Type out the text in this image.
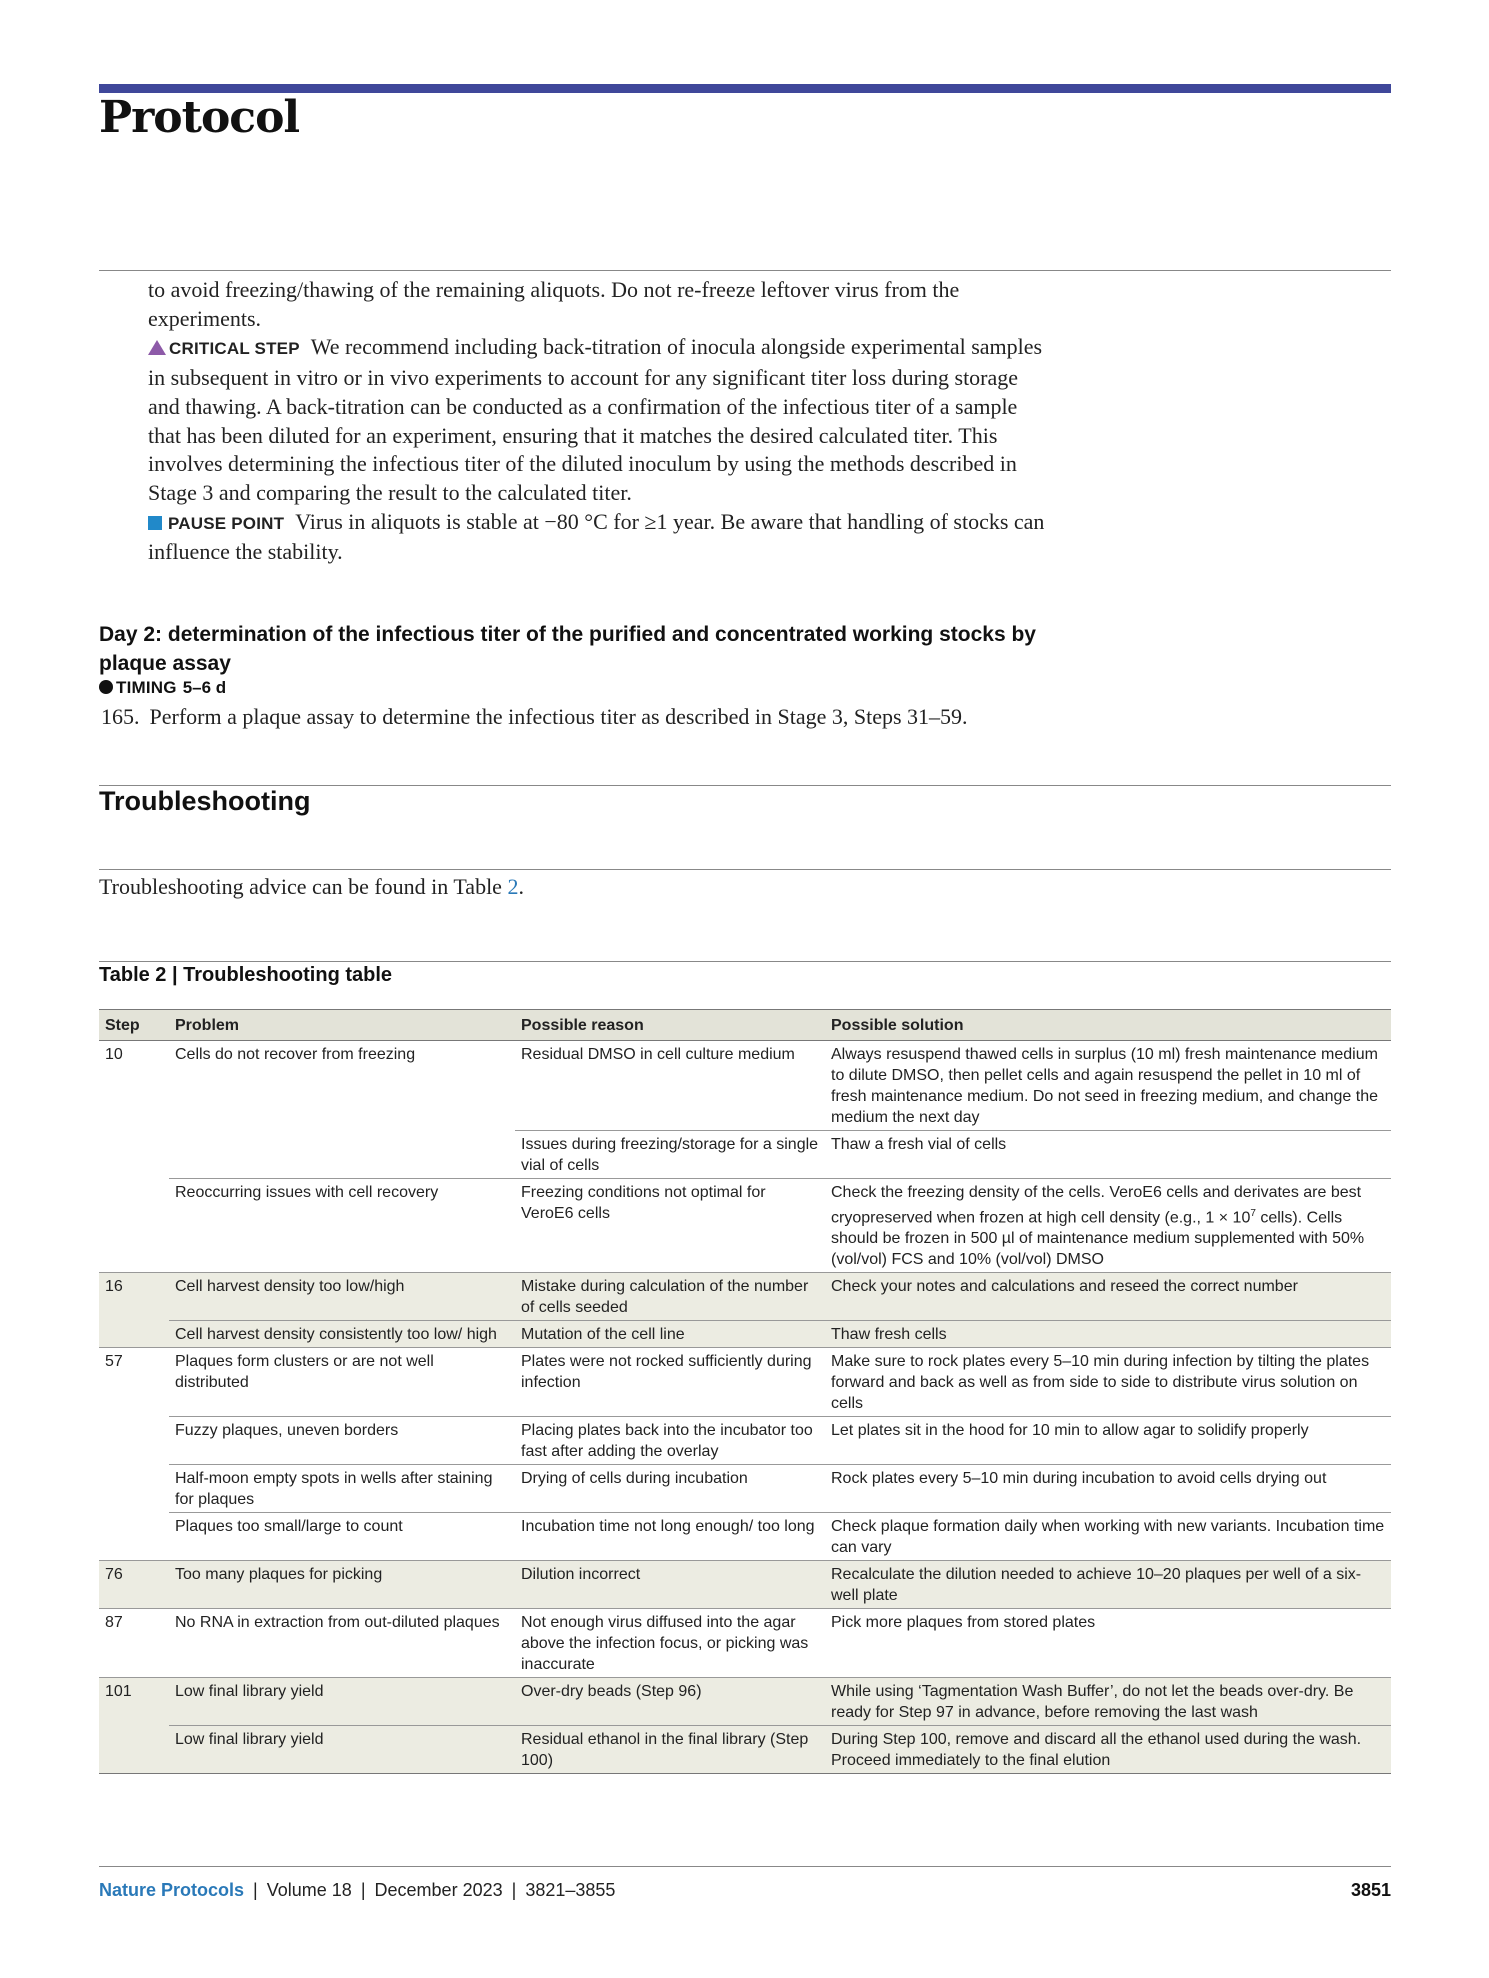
Protocol

to avoid freezing/thawing of the remaining aliquots. Do not re-freeze leftover virus from the experiments.

CRITICAL STEP We recommend including back-titration of inocula alongside experimental samples in subsequent in vitro or in vivo experiments to account for any significant titer loss during storage and thawing. A back-titration can be conducted as a confirmation of the infectious titer of a sample that has been diluted for an experiment, ensuring that it matches the desired calculated titer. This involves determining the infectious titer of the diluted inoculum by using the methods described in Stage 3 and comparing the result to the calculated titer.

PAUSE POINT Virus in aliquots is stable at −80 °C for ≥1 year. Be aware that handling of stocks can influence the stability.

Day 2: determination of the infectious titer of the purified and concentrated working stocks by plaque assay
TIMING 5–6 d
165. Perform a plaque assay to determine the infectious titer as described in Stage 3, Steps 31–59.
Troubleshooting
Troubleshooting advice can be found in Table 2.
Table 2 | Troubleshooting table
Step	Problem	Possible reason	Possible solution
10	Cells do not recover from freezing	Residual DMSO in cell culture medium	Always resuspend thawed cells in surplus (10 ml) fresh maintenance medium to dilute DMSO, then pellet cells and again resuspend the pellet in 10 ml of fresh maintenance medium. Do not seed in freezing medium, and change the medium the next day
		Issues during freezing/storage for a single vial of cells	Thaw a fresh vial of cells
	Reoccurring issues with cell recovery	Freezing conditions not optimal for VeroE6 cells	Check the freezing density of the cells. VeroE6 cells and derivates are best cryopreserved when frozen at high cell density (e.g., $1 \times 10^7$ cells). Cells should be frozen in 500 µl of maintenance medium supplemented with 50% (vol/vol) FCS and 10% (vol/vol) DMSO
16	Cell harvest density too low/high	Mistake during calculation of the number of cells seeded	Check your notes and calculations and reseed the correct number
	Cell harvest density consistently too low/ high	Mutation of the cell line	Thaw fresh cells
57	Plaques form clusters or are not well distributed	Plates were not rocked sufficiently during infection	Make sure to rock plates every 5–10 min during infection by tilting the plates forward and back as well as from side to side to distribute virus solution on cells
	Fuzzy plaques, uneven borders	Placing plates back into the incubator too fast after adding the overlay	Let plates sit in the hood for 10 min to allow agar to solidify properly
	Half-moon empty spots in wells after staining for plaques	Drying of cells during incubation	Rock plates every 5–10 min during incubation to avoid cells drying out
	Plaques too small/large to count	Incubation time not long enough/ too long	Check plaque formation daily when working with new variants. Incubation time can vary
76	Too many plaques for picking	Dilution incorrect	Recalculate the dilution needed to achieve 10–20 plaques per well of a six-well plate
87	No RNA in extraction from out-diluted plaques	Not enough virus diffused into the agar above the infection focus, or picking was inaccurate	Pick more plaques from stored plates
101	Low final library yield	Over-dry beads (Step 96)	While using ‘Tagmentation Wash Buffer’, do not let the beads over-dry. Be ready for Step 97 in advance, before removing the last wash
	Low final library yield	Residual ethanol in the final library (Step 100)	During Step 100, remove and discard all the ethanol used during the wash. Proceed immediately to the final elution
Nature Protocols | Volume 18 | December 2023 | 3821–3855	3851
